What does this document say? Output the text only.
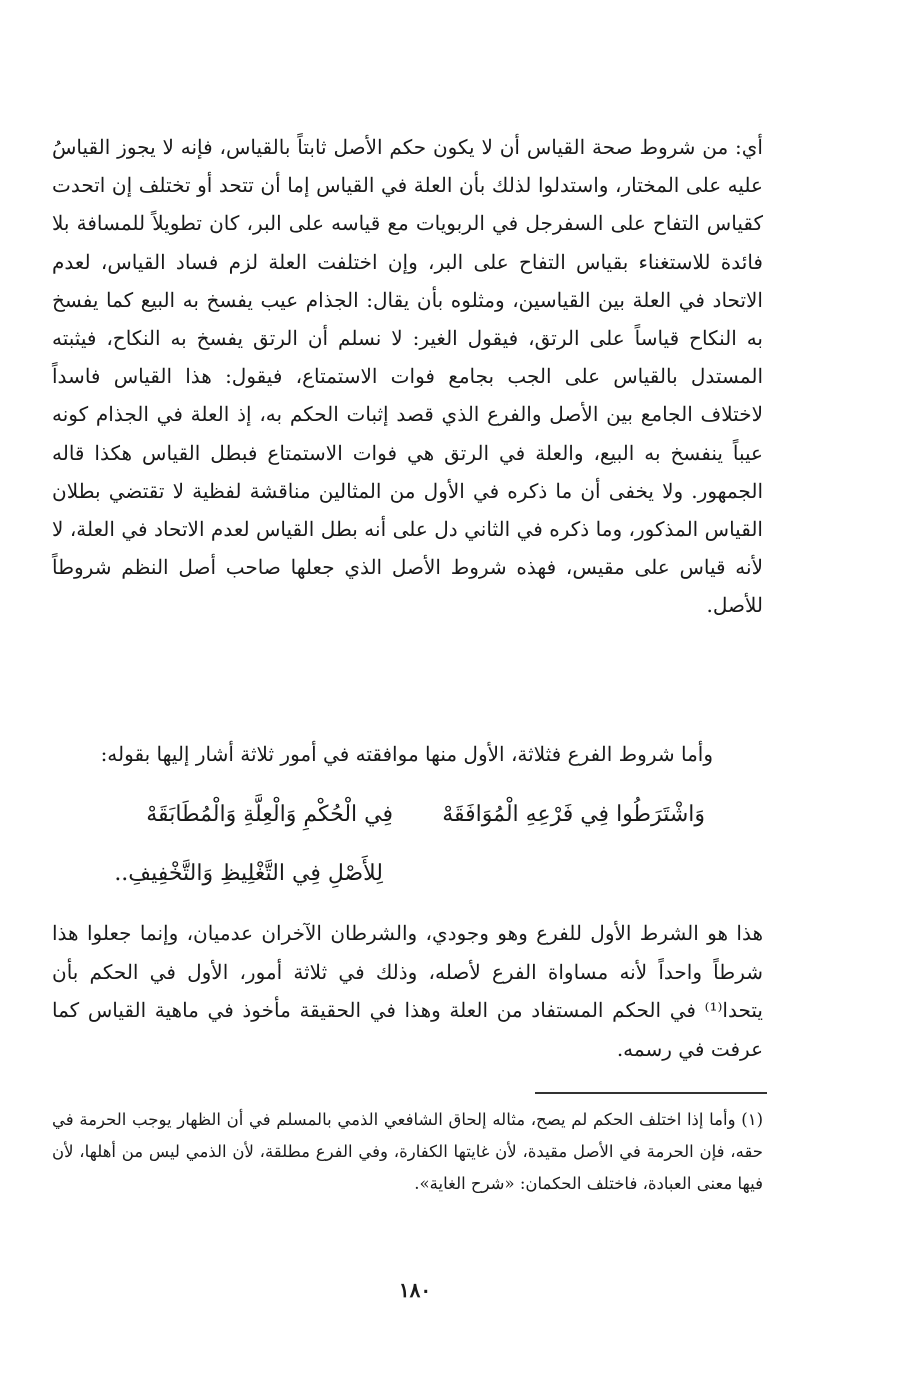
أي: من شروط صحة القياس أن لا يكون حكم الأصل ثابتاً بالقياس، فإنه لا يجوز القياسُ عليه على المختار، واستدلوا لذلك بأن العلة في القياس إما أن تتحد أو تختلف إن اتحدت كقياس التفاح على السفرجل في الربويات مع قياسه على البر، كان تطويلاً للمسافة بلا فائدة للاستغناء بقياس التفاح على البر، وإن اختلفت العلة لزم فساد القياس، لعدم الاتحاد في العلة بين القياسين، ومثلوه بأن يقال: الجذام عيب يفسخ به البيع كما يفسخ به النكاح قياساً على الرتق، فيقول الغير: لا نسلم أن الرتق يفسخ به النكاح، فيثبته المستدل بالقياس على الجب بجامع فوات الاستمتاع، فيقول: هذا القياس فاسداً لاختلاف الجامع بين الأصل والفرع الذي قصد إثبات الحكم به، إذ العلة في الجذام كونه عيباً ينفسخ به البيع، والعلة في الرتق هي فوات الاستمتاع فبطل القياس هكذا قاله الجمهور. ولا يخفى أن ما ذكره في الأول من المثالين مناقشة لفظية لا تقتضي بطلان القياس المذكور، وما ذكره في الثاني دل على أنه بطل القياس لعدم الاتحاد في العلة، لا لأنه قياس على مقيس، فهذه شروط الأصل الذي جعلها صاحب أصل النظم شروطاً للأصل.

وأما شروط الفرع فثلاثة، الأول منها موافقته في أمور ثلاثة أشار إليها بقوله:

وَاشْتَرَطُوا فِي فَرْعِهِ الْمُوَافَقَهْ

فِي الْحُكْمِ وَالْعِلَّةِ وَالْمُطَابَقَهْ

لِلأَصْلِ فِي التَّغْلِيظِ وَالتَّخْفِيفِ..

هذا هو الشرط الأول للفرع وهو وجودي، والشرطان الآخران عدميان، وإنما جعلوا هذا شرطاً واحداً لأنه مساواة الفرع لأصله، وذلك في ثلاثة أمور، الأول في الحكم بأن يتحدا⁽¹⁾ في الحكم المستفاد من العلة وهذا في الحقيقة مأخوذ في ماهية القياس كما عرفت في رسمه.

(١) وأما إذا اختلف الحكم لم يصح، مثاله إلحاق الشافعي الذمي بالمسلم في أن الظهار يوجب الحرمة في حقه، فإن الحرمة في الأصل مقيدة، لأن غايتها الكفارة، وفي الفرع مطلقة، لأن الذمي ليس من أهلها، لأن فيها معنى العبادة، فاختلف الحكمان: «شرح الغاية».

١٨٠
